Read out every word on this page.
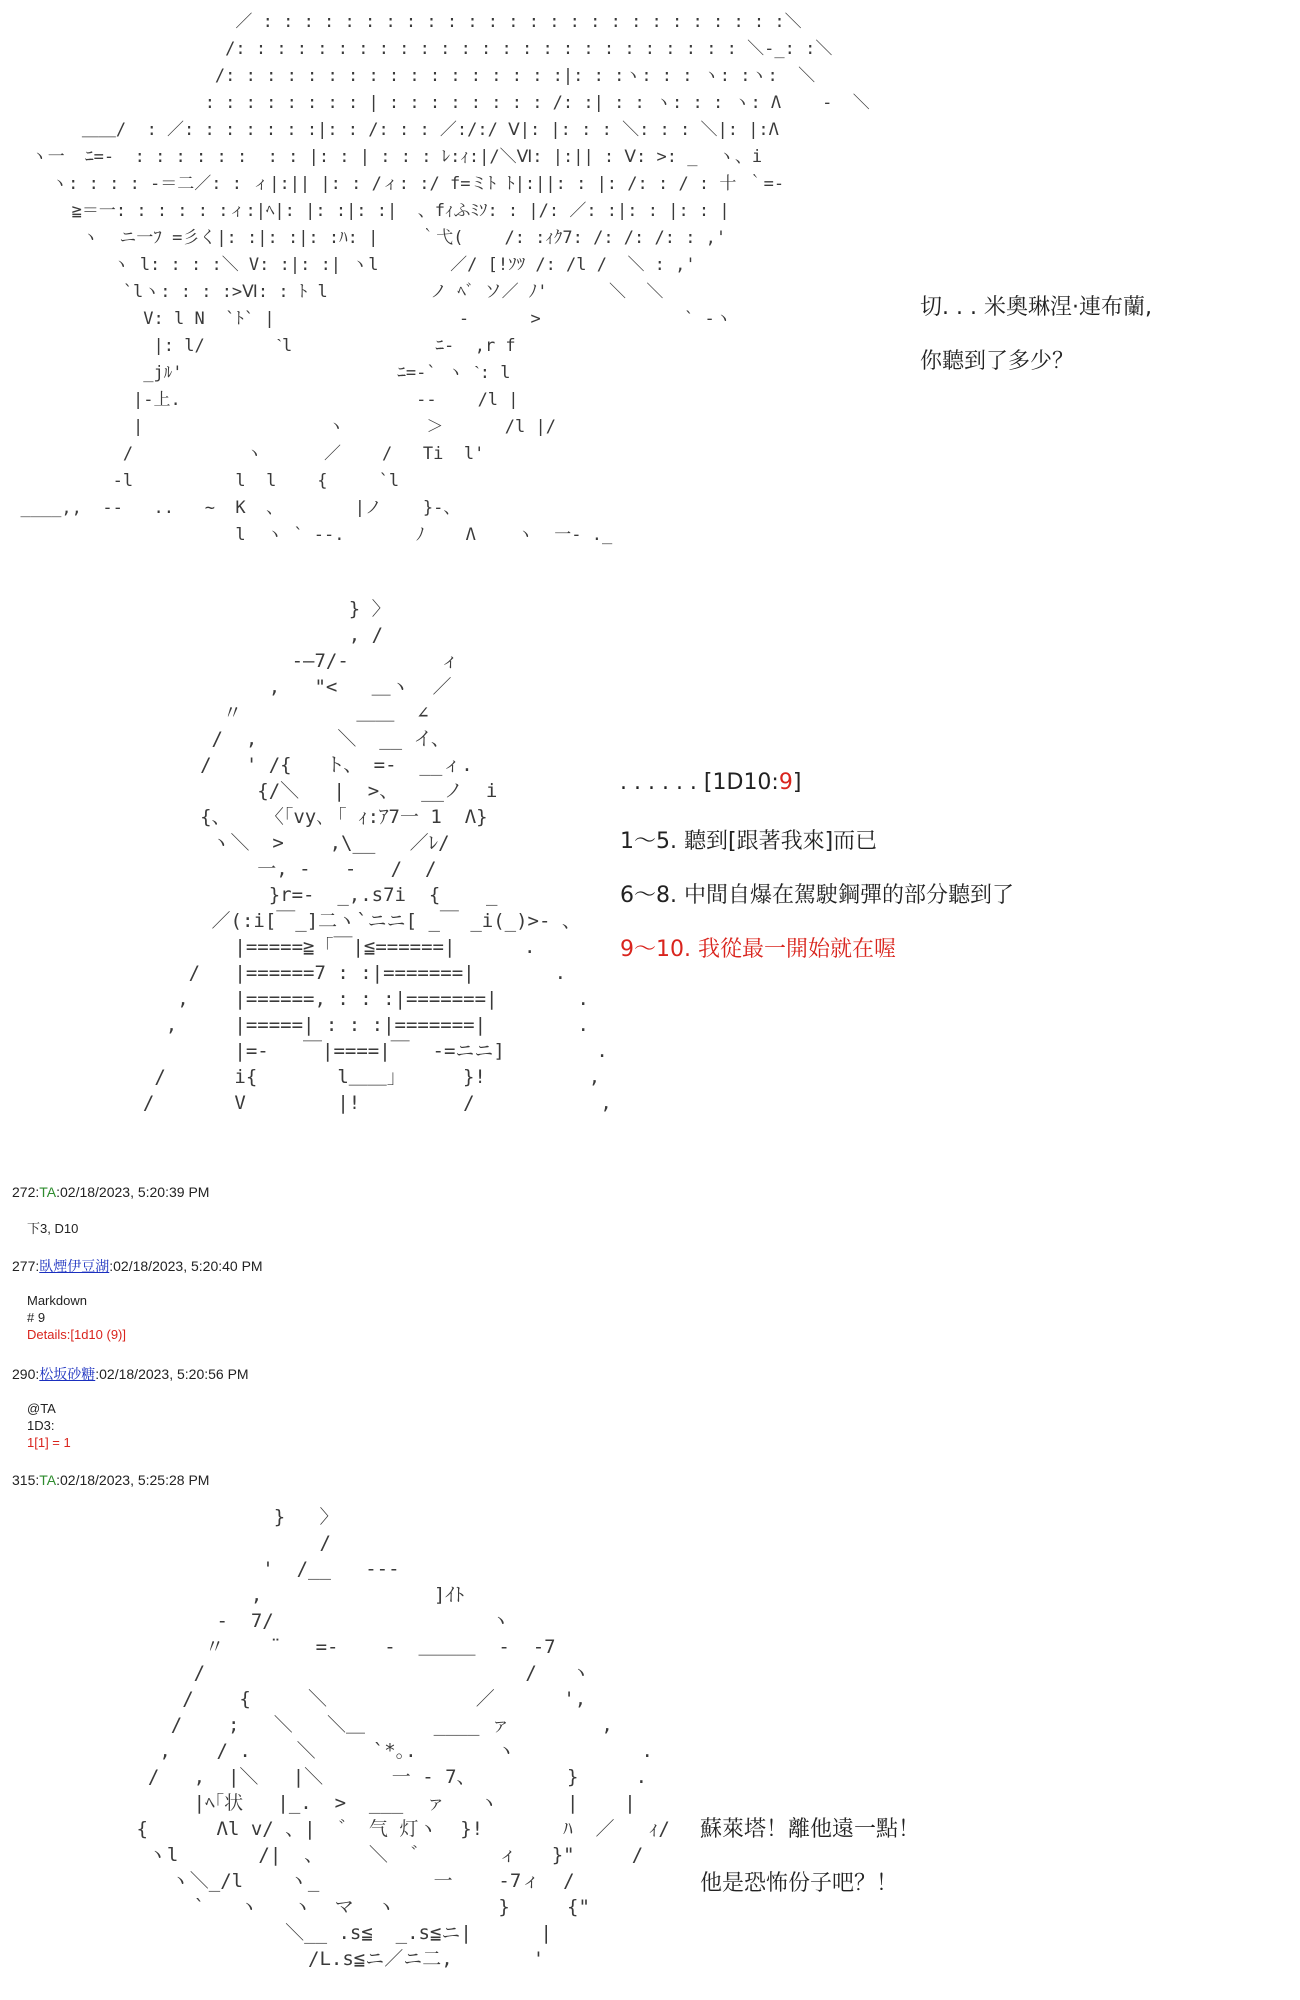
／ : : : : : : : : : : : : : : : : : : : : : : : : : :＼
/: : : : : : : : : : : : : : : : : : : : : : : : : ＼-_: :＼
/: : : : : : : : : : : : : : : : :|: : :ヽ: : : ヽ: :ヽ:  ＼
: : : : : : : : | : : : : : : : : /: :| : : ヽ: : : ヽ: Λ    -  ＼
＿＿/  : ／: : : : : : :|: : /: : : ／:/:/ Ⅴ|: |: : : ＼: : : ＼|: |:Λ
ヽ一  ﾆ=-  : : : : : :  : : |: : | : : : ﾚ:ｨ:|/＼Ⅵ: |:|| : Ⅴ: >: _  ヽ、i
ヽ: : : : -＝二／: : ィ|:|| |: : /ィ: :/ f=ミﾄ ﾄ|:||: : |: /: : / : 十 ｀=-
≧＝一: : : : : :ィ:|ﾍ|: |: :|: :|  、fｨふﾐｿ: : |/: ／: :|: : |: : |
ヽ  ニ一ﾌ =彡く|: :|: :|: :ﾊ: |    ｀弋(    /: :ｨｸ7: /: /: /: : ,'
ヽ l: : : :＼ V: :|: :| ヽl       ／/ [!ｿﾂ /: /l /  ＼ : ,'
`lヽ: : : :>Ⅵ: : ﾄ l          ノ ﾍﾞ ソ／ ﾉ'      ＼  ＼
V: l N  `ﾄ` |                  -      >              ` -ヽ
|: l/       ˋl              ﾆ-  ,r f
_jﾙ'                     ﾆ=-` ヽ ˋ: l
|-上.                       --    /l |
|                  ヽ        ＞      /l |/
/           ヽ      ／    /   Ti  l'
-l          l  l    {     `l
____,,  --   ..   ~  K  、       |ノ    }-、
l  ヽ ` --.       ﾉ    Λ    ヽ  一- ._
切. . . 米奧琳涅·連布蘭,
你聽到了多少？
} 〉
, /
-―7/-        ィ
,   "<   ＿ヽ  ／
〃          ＿＿  ∠
/  ,       ＼  __ イ、
/   ' /{   ト、 =-  __ィ.
{/＼   |  >、  __ノ  i
{、   〈｢vy､ ｢ ｨ:ｱ7一 1  Λ}
ヽ＼  >    ,\__   ／ﾚ/
一, -   -   /  /
}r=-  _,.s7i  {    _
／(:i[￣_]二ヽ`ニニ[ _￣ _i(_)>- 、
|=====≧「￣|≦======|      .
/   |======7 : :|=======|       .
,    |======, : : :|=======|       .
,     |=====| : : :|=======|        .
|=-   ￣|====|￣  -=ニニ]        .
/      i{       l＿＿」     }!         ,
/       V        |!         /           ,
. . . . . . [1D10:9]
1～5. 聽到[跟著我來]而已
6～8. 中間自爆在駕駛鋼彈的部分聽到了
9～10. 我從最一開始就在喔
272:TA:02/18/2023, 5:20:39 PM
下3, D10
277:臥煙伊豆湖:02/18/2023, 5:20:40 PM
Markdown
# 9
Details:[1d10 (9)]
290:松坂砂糖:02/18/2023, 5:20:56 PM
@TA
1D3:
1[1] = 1
315:TA:02/18/2023, 5:25:28 PM
}   〉
/
'  /__   ---
,               ]ｲﾄ
-  7/                   ヽ
〃    ¨   =-    -  ＿＿＿  -  -7
/                            /   ヽ
/    {     ＼             ／      ',
/    ;   ＼   ＼＿      ____ ァ        ,
,    / .    ＼     `*｡.       ヽ           .
/   ,  |＼   |＼      一 - 7、        }     .
|ﾍ｢状   |_.  >  ___  ァ   ヽ      |    |
{      Λl v/ 、|  ゛ 气 灯ヽ  }!       ﾊ  ／   ｨ/
ヽl       /|  、    ＼  ゛      ィ   }"     /
ヽ＼_/l    ヽ_          一    -7ィ  /
`   ヽ   ヽ  マ  ヽ         }     {"
＼__ .s≦  _.s≦ニ|      |
/L.s≦ニ／ニ二,       '
蘇萊塔！離他遠一點！
他是恐怖份子吧？！
